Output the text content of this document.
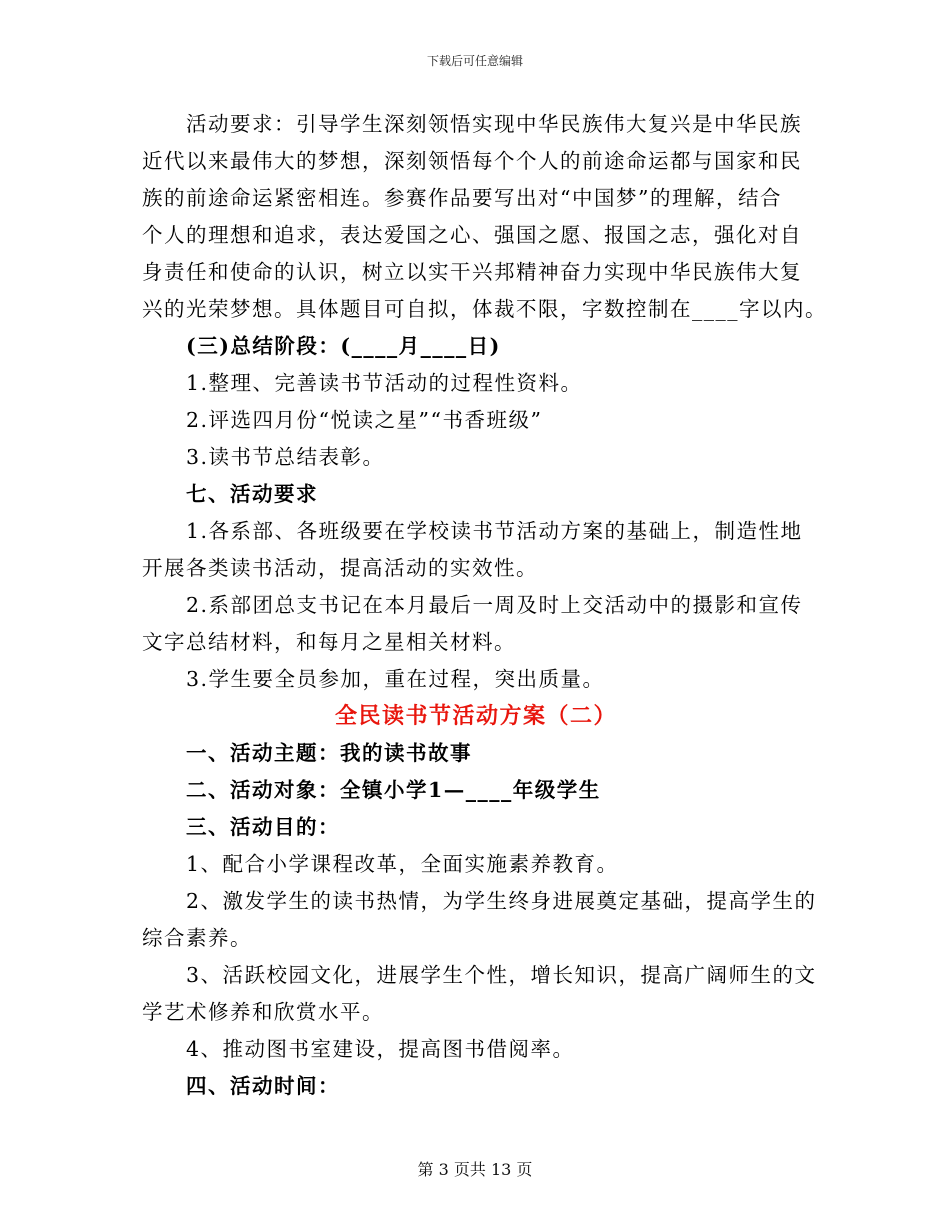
下载后可任意编辑

活动要求：引导学生深刻领悟实现中华民族伟大复兴是中华民族

近代以来最伟大的梦想，深刻领悟每个个人的前途命运都与国家和民

族的前途命运紧密相连。参赛作品要写出对“中国梦”的理解，结合

个人的理想和追求，表达爱国之心、强国之愿、报国之志，强化对自

身责任和使命的认识，树立以实干兴邦精神奋力实现中华民族伟大复

兴的光荣梦想。具体题目可自拟，体裁不限，字数控制在____字以内。

(三)总结阶段：(____月____日)

1.整理、完善读书节活动的过程性资料。

2.评选四月份“悦读之星”“书香班级”

3.读书节总结表彰。

七、活动要求

1.各系部、各班级要在学校读书节活动方案的基础上，制造性地

开展各类读书活动，提高活动的实效性。

2.系部团总支书记在本月最后一周及时上交活动中的摄影和宣传

文字总结材料，和每月之星相关材料。

3.学生要全员参加，重在过程，突出质量。

全民读书节活动方案（二）

一、活动主题：我的读书故事

二、活动对象：全镇小学1—____年级学生

三、活动目的：

1、配合小学课程改革，全面实施素养教育。

2、激发学生的读书热情，为学生终身进展奠定基础，提高学生的

综合素养。

3、活跃校园文化，进展学生个性，增长知识，提高广阔师生的文

学艺术修养和欣赏水平。

4、推动图书室建设，提高图书借阅率。

四、活动时间：

第 3 页共 13 页
